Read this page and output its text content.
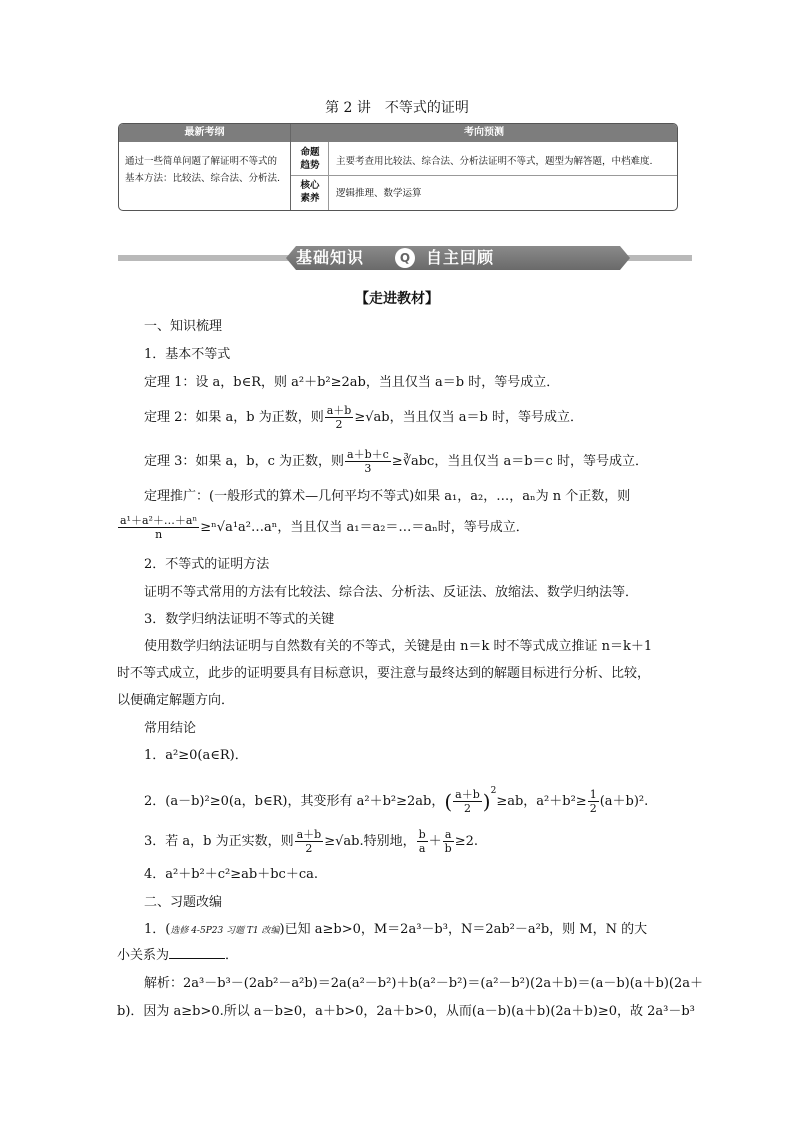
第 2 讲　不等式的证明
最新考纲	考向预测
通过一些简单问题了解证明不等式的基本方法：比较法、综合法、分析法.
命题趋势	主要考查用比较法、综合法、分析法证明不等式，题型为解答题，中档难度.
核心素养	逻辑推理、数学运算
基础知识	Q 自主回顾
【走进教材】
一、知识梳理
1．基本不等式
定理 1：设 a，b∈R，则 a²＋b²≥2ab，当且仅当 a＝b 时，等号成立．
定理 2：如果 a，b 为正数，则 $\frac{a+b}{2} \ge√ab$，当且仅当 a＝b 时，等号成立．
定理 3：如果 a，b，c 为正数，则 $\frac{a+b+c}{3}$ ≥∛abc，当且仅当 a＝b＝c 时，等号成立．
定理推广：(一般形式的算术—几何平均不等式)如果 a₁，a₂，…，aₙ为 n 个正数，则
$\frac{\text{a¹＋a²＋…＋aⁿ}}{n}$ ≥ⁿ√a¹a²…aⁿ，当且仅当 a₁＝a₂＝…＝aₙ时，等号成立．
2．不等式的证明方法
证明不等式常用的方法有比较法、综合法、分析法、反证法、放缩法、数学归纳法等．
3．数学归纳法证明不等式的关键
使用数学归纳法证明与自然数有关的不等式，关键是由 n＝k 时不等式成立推证 n＝k＋1
时不等式成立，此步的证明要具有目标意识，要注意与最终达到的解题目标进行分析、比较，
以便确定解题方向．
常用结论
1．a²≥0(a∈R)．
2．(a－b)²≥0(a，b∈R)，其变形有 a²＋b²≥2ab，( $\frac{a+b}{2} )^2\ge ab$，$a^2+b^2\ge \frac{1}{2} (a+b)^2$.
3．若 a，b 为正实数，则 $\frac{a+b}{2} \ge√ab$.特别地， $\frac{b}{a} + \frac{a}{b} \ge 2$.
4．a²＋b²＋c²≥ab＋bc＋ca.
二、习题改编
1．(选修 4-5P23 习题 T1 改编)已知 a≥b>0，M＝2a³－b³，N＝2ab²－a²b，则 M，N 的大
小关系为	．
解析：2a³－b³－(2ab²－a²b)＝2a(a²－b²)＋b(a²－b²)＝(a²－b²)(2a＋b)＝(a－b)(a＋b)(2a＋
b)．因为 a≥b>0.所以 a－b≥0，a＋b>0，2a＋b>0，从而(a－b)(a＋b)(2a＋b)≥0，故 2a³－b³
